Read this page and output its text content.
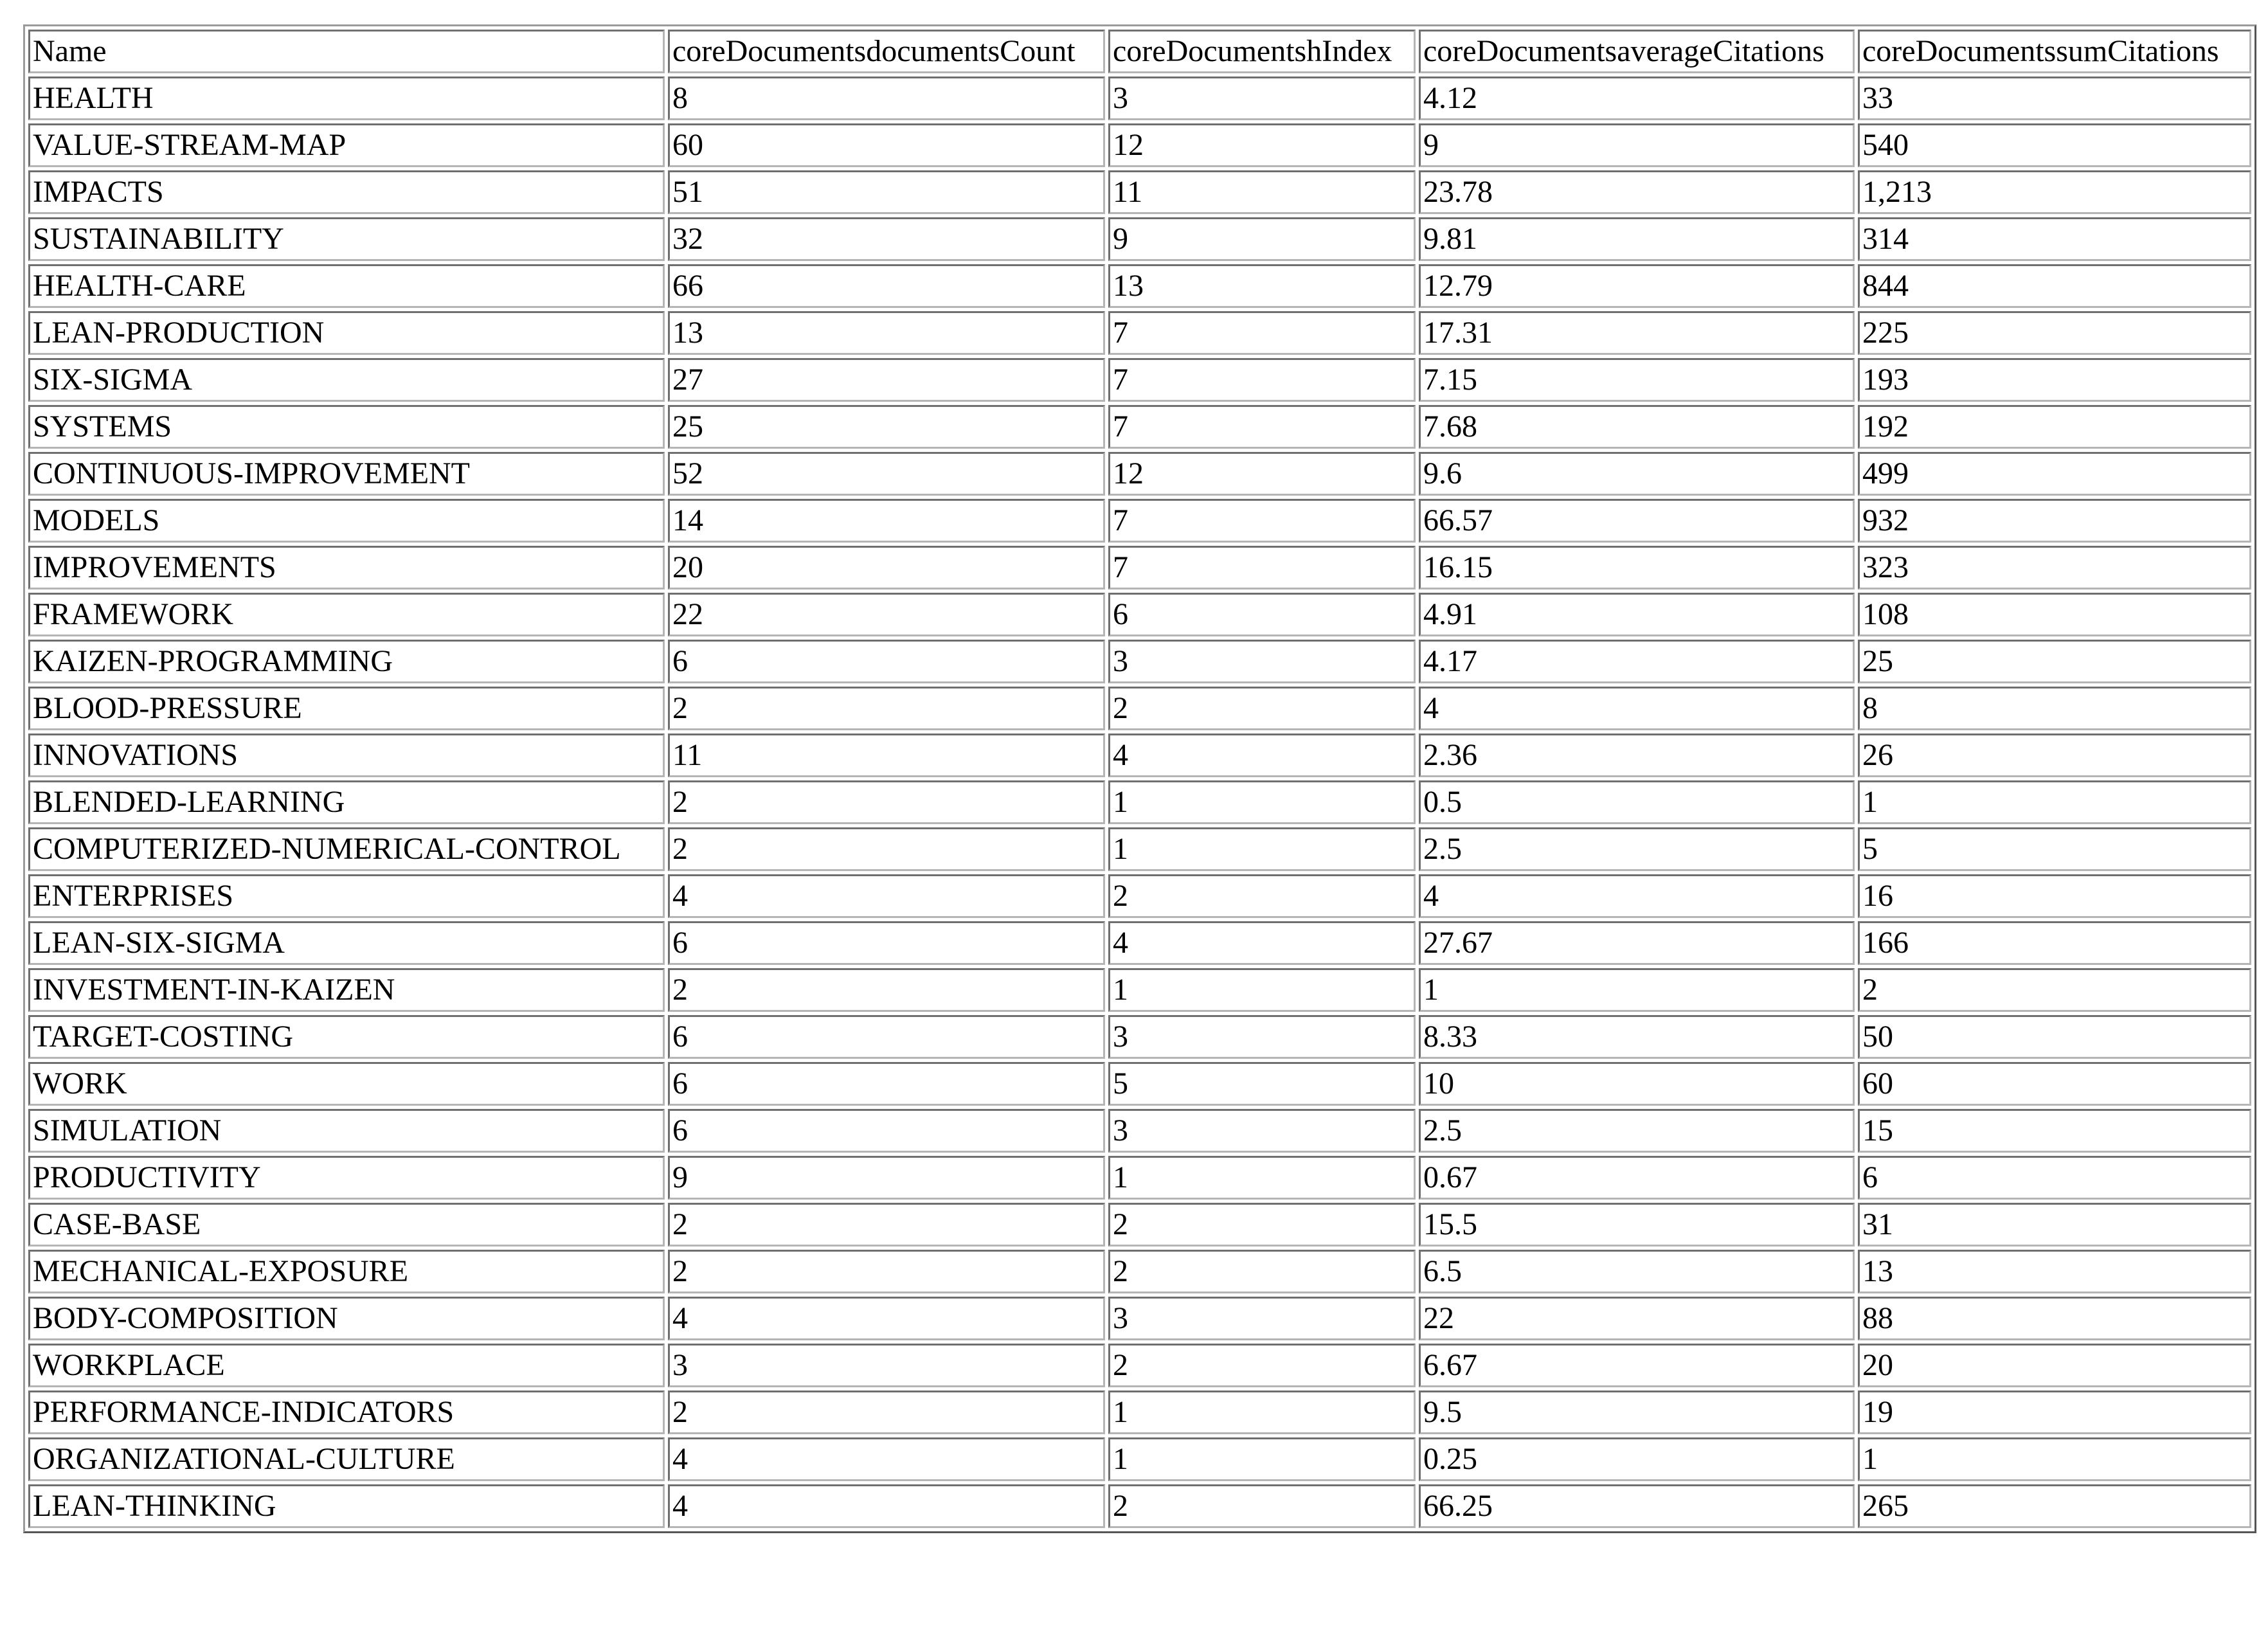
Name	coreDocumentsdocumentsCount	coreDocumentshIndex	coreDocumentsaverageCitations	coreDocumentssumCitations
HEALTH	8	3	4.12	33
VALUE-STREAM-MAP	60	12	9	540
IMPACTS	51	11	23.78	1,213
SUSTAINABILITY	32	9	9.81	314
HEALTH-CARE	66	13	12.79	844
LEAN-PRODUCTION	13	7	17.31	225
SIX-SIGMA	27	7	7.15	193
SYSTEMS	25	7	7.68	192
CONTINUOUS-IMPROVEMENT	52	12	9.6	499
MODELS	14	7	66.57	932
IMPROVEMENTS	20	7	16.15	323
FRAMEWORK	22	6	4.91	108
KAIZEN-PROGRAMMING	6	3	4.17	25
BLOOD-PRESSURE	2	2	4	8
INNOVATIONS	11	4	2.36	26
BLENDED-LEARNING	2	1	0.5	1
COMPUTERIZED-NUMERICAL-CONTROL	2	1	2.5	5
ENTERPRISES	4	2	4	16
LEAN-SIX-SIGMA	6	4	27.67	166
INVESTMENT-IN-KAIZEN	2	1	1	2
TARGET-COSTING	6	3	8.33	50
WORK	6	5	10	60
SIMULATION	6	3	2.5	15
PRODUCTIVITY	9	1	0.67	6
CASE-BASE	2	2	15.5	31
MECHANICAL-EXPOSURE	2	2	6.5	13
BODY-COMPOSITION	4	3	22	88
WORKPLACE	3	2	6.67	20
PERFORMANCE-INDICATORS	2	1	9.5	19
ORGANIZATIONAL-CULTURE	4	1	0.25	1
LEAN-THINKING	4	2	66.25	265
